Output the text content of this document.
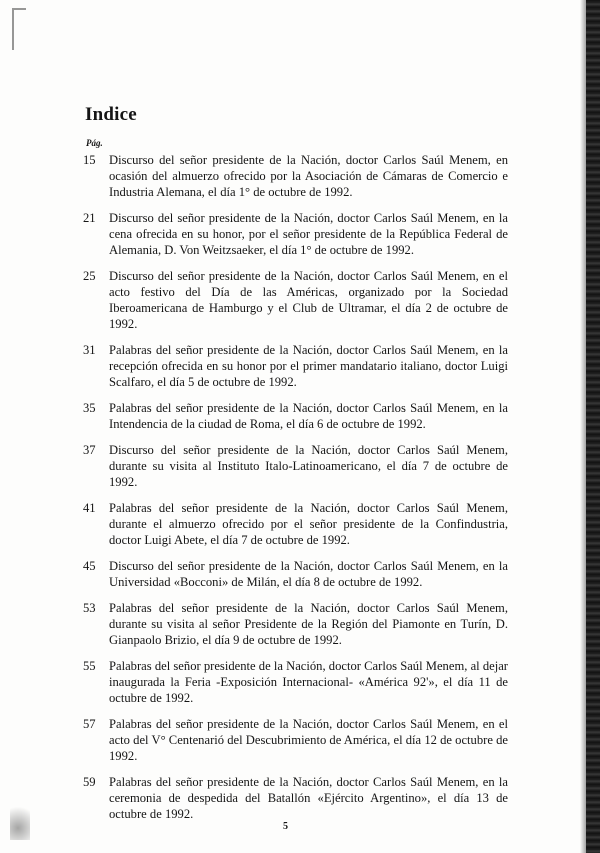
Indice
Pág.
15	Discurso del señor presidente de la Nación, doctor Carlos Saúl Menem, en ocasión del almuerzo ofrecido por la Asociación de Cámaras de Comercio e Industria Alemana, el día 1° de octubre de 1992.
21	Discurso del señor presidente de la Nación, doctor Carlos Saúl Menem, en la cena ofrecida en su honor, por el señor presidente de la República Federal de Alemania, D. Von Weitzsaeker, el día 1° de octubre de 1992.
25	Discurso del señor presidente de la Nación, doctor Carlos Saúl Menem, en el acto festivo del Día de las Américas, organizado por la Sociedad Iberoamericana de Hamburgo y el Club de Ultramar, el día 2 de octubre de 1992.
31	Palabras del señor presidente de la Nación, doctor Carlos Saúl Menem, en la recepción ofrecida en su honor por el primer mandatario italiano, doctor Luigi Scalfaro, el día 5 de octubre de 1992.
35	Palabras del señor presidente de la Nación, doctor Carlos Saúl Menem, en la Intendencia de la ciudad de Roma, el día 6 de octubre de 1992.
37	Discurso del señor presidente de la Nación, doctor Carlos Saúl Menem, durante su visita al Instituto Italo-Latinoamericano, el día 7 de octubre de 1992.
41	Palabras del señor presidente de la Nación, doctor Carlos Saúl Menem, durante el almuerzo ofrecido por el señor presidente de la Confindustria, doctor Luigi Abete, el día 7 de octubre de 1992.
45	Discurso del señor presidente de la Nación, doctor Carlos Saúl Menem, en la Universidad «Bocconi» de Milán, el día 8 de octubre de 1992.
53	Palabras del señor presidente de la Nación, doctor Carlos Saúl Menem, durante su visita al señor Presidente de la Región del Piamonte en Turín, D. Gianpaolo Brizio, el día 9 de octubre de 1992.
55	Palabras del señor presidente de la Nación, doctor Carlos Saúl Menem, al dejar inaugurada la Feria -Exposición Internacional- «América 92'», el día 11 de octubre de 1992.
57	Palabras del señor presidente de la Nación, doctor Carlos Saúl Menem, en el acto del V° Centenarió del Descubrimiento de América, el día 12 de octubre de 1992.
59	Palabras del señor presidente de la Nación, doctor Carlos Saúl Menem, en la ceremonia de despedida del Batallón «Ejército Argentino», el día 13 de octubre de 1992.
5
